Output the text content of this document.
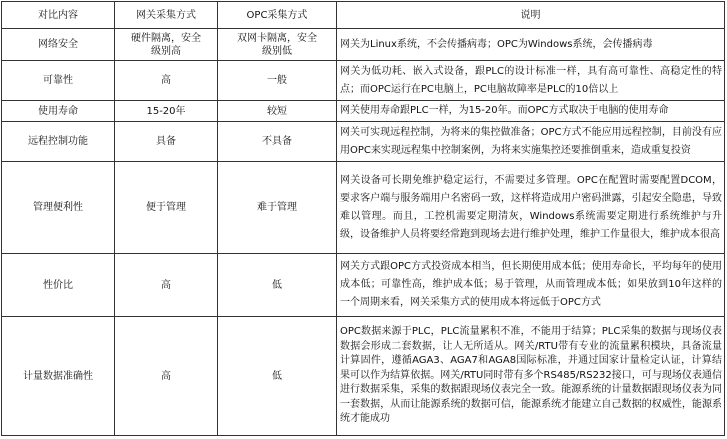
对比内容	网关采集方式	OPC采集方式	说明
网络安全	硬件隔离，安全级别高	双网卡隔离，安全级别低	网关为Linux系统，不会传播病毒；OPC为Windows系统，会传播病毒
可靠性	高	一般	网关为低功耗、嵌入式设备，跟PLC的设计标准一样，具有高可靠性、高稳定性的特点；而OPC运行在PC电脑上，PC电脑故障率是PLC的10倍以上
使用寿命	15-20年	较短	网关使用寿命跟PLC一样，为15-20年。而OPC方式取决于电脑的使用寿命
远程控制功能	具备	不具备	网关可实现远程控制，为将来的集控做准备；OPC方式不能应用远程控制，目前没有应用OPC来实现远程集中控制案例，为将来实施集控还要推倒重来，造成重复投资
管理便利性	便于管理	难于管理	网关设备可长期免维护稳定运行，不需要过多管理。OPC在配置时需要配置DCOM，要求客户端与服务端用户名密码一致，这样将造成用户密码泄露，引起安全隐患，导致难以管理。而且，工控机需要定期清灰，Windows系统需要定期进行系统维护与升级，设备维护人员将要经常跑到现场去进行维护处理，维护工作量很大，维护成本很高
性价比	高	低	网关方式跟OPC方式投资成本相当，但长期使用成本低；使用寿命长，平均每年的使用成本低；可靠性高，维护成本低；易于管理，从而管理成本低；如果放到10年这样的一个周期来看，网关采集方式的使用成本将远低于OPC方式
计量数据准确性	高	低	OPC数据来源于PLC，PLC流量累积不准，不能用于结算；PLC采集的数据与现场仪表数据会形成二套数据，让人无所适从。网关/RTU带有专业的流量累积模块，具备流量计算固件，遵循AGA3、AGA7和AGA8国际标准，并通过国家计量检定认证，计算结果可以作为结算依据。网关/RTU同时带有多个RS485/RS232接口，可与现场仪表通信进行数据采集，采集的数据跟现场仪表完全一致。能源系统的计量数据跟现场仪表为同一套数据，从而让能源系统的数据可信，能源系统才能建立自己数据的权威性，能源系统才能成功
